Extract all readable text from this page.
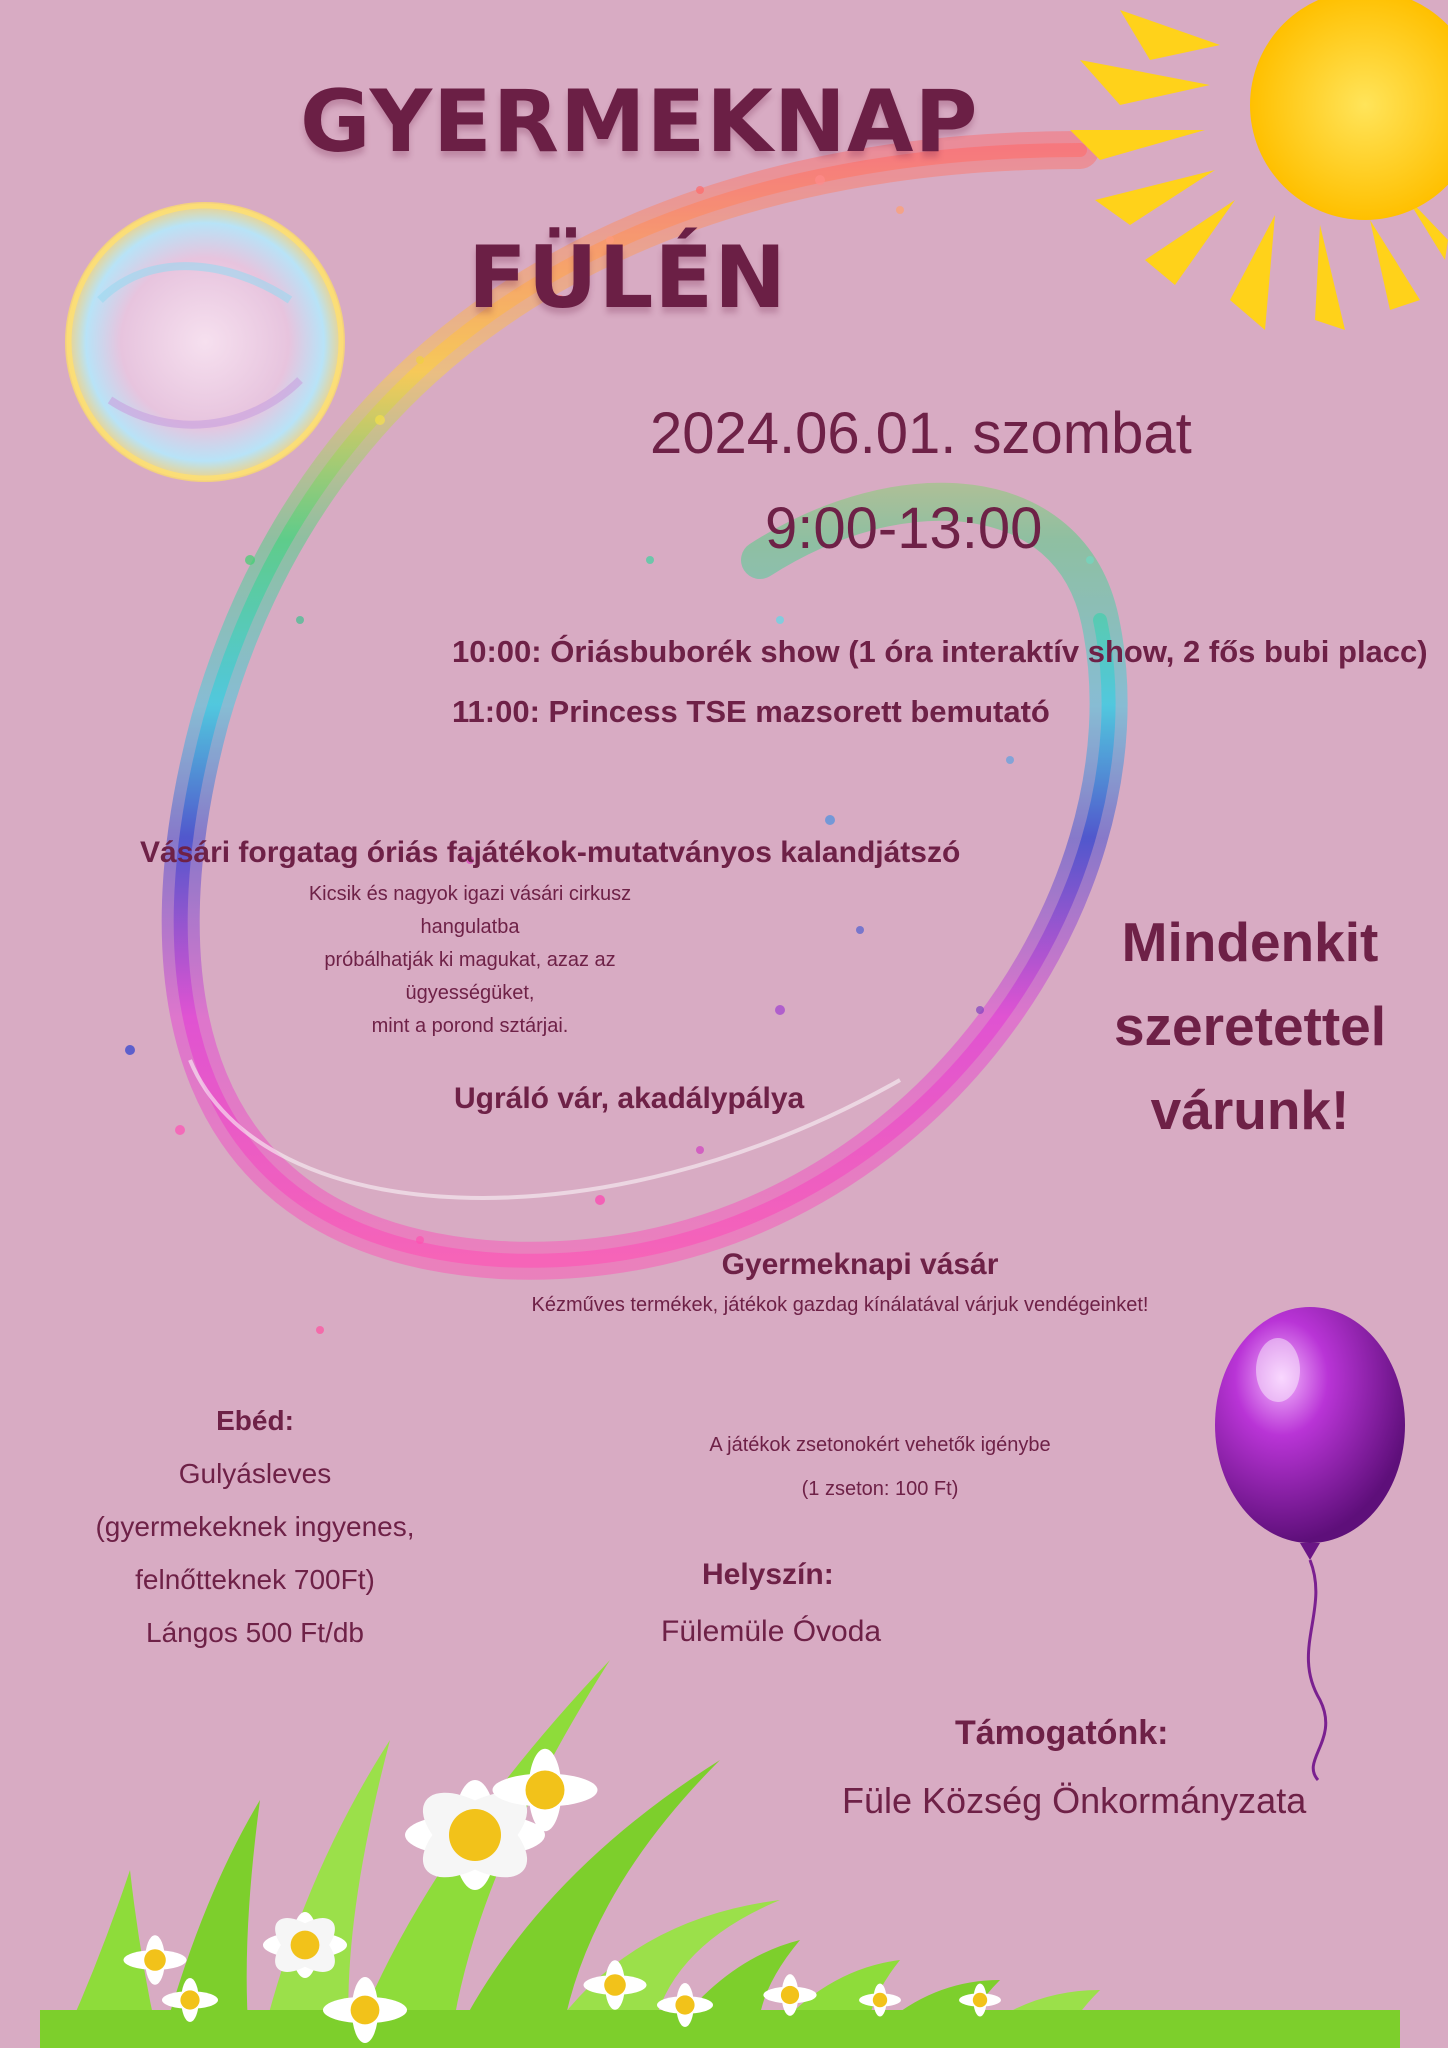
GYERMEKNAP
FÜLÉN
2024.06.01. szombat
9:00-13:00
10:00: Óriásbuborék show (1 óra interaktív show, 2 fős bubi placc)
11:00: Princess TSE mazsorett bemutató
Vásári forgatag óriás fajátékok-mutatványos kalandjátszó
Kicsik és nagyok igazi vásári cirkusz hangulatba
próbálhatják ki magukat, azaz az ügyességüket,
mint a porond sztárjai.
Ugráló vár, akadálypálya
Mindenkit
szeretettel
várunk!
Gyermeknapi vásár
Kézműves termékek, játékok gazdag kínálatával várjuk vendégeinket!
Ebéd:
Gulyásleves
(gyermekeknek ingyenes,
felnőtteknek 700Ft)
Lángos 500 Ft/db
A játékok zsetonokért vehetők igénybe
(1 zseton: 100 Ft)
Helyszín:
Fülemüle Óvoda
Támogatónk:
Füle Község Önkormányzata
